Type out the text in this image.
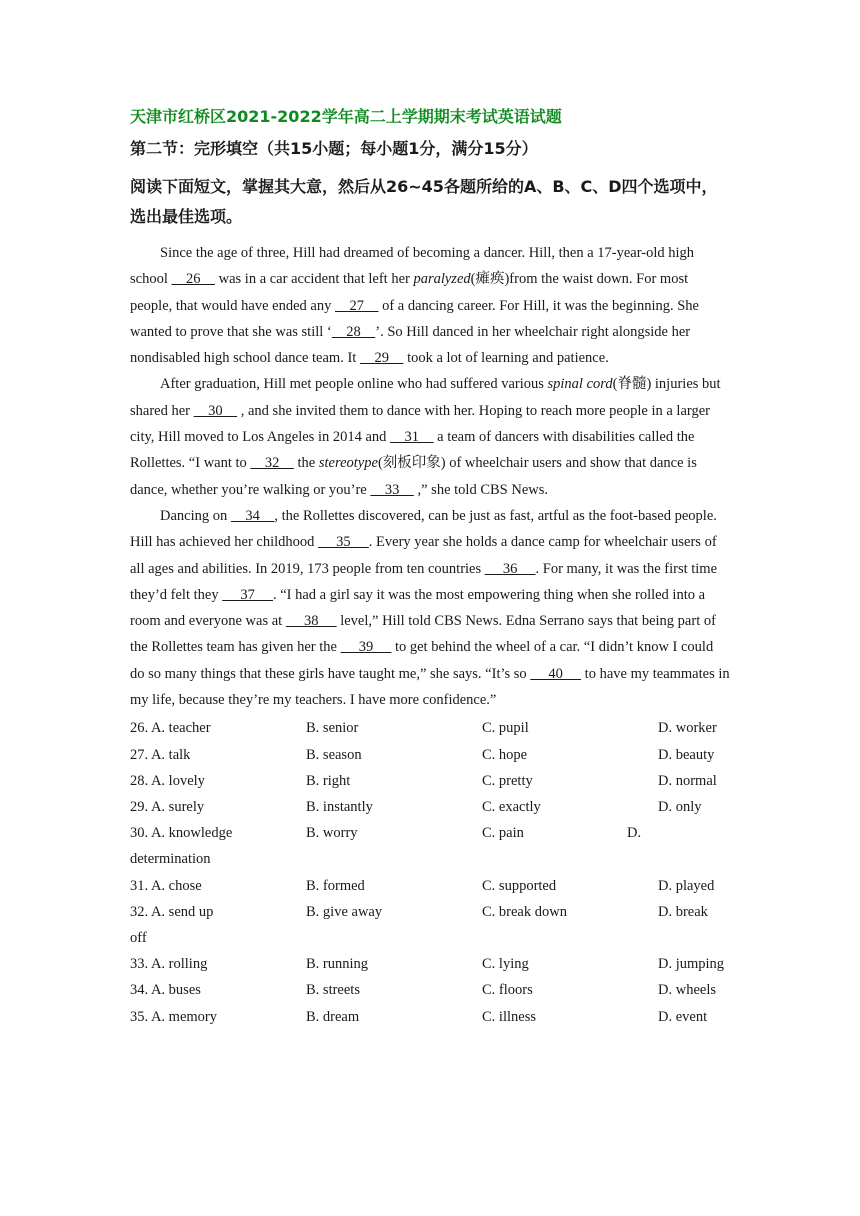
天津市红桥区2021-2022学年高二上学期期末考试英语试题
第二节：完形填空（共15小题；每小题1分，满分15分）
阅读下面短文，掌握其大意，然后从26~45各题所给的A、B、C、D四个选项中，选出最佳选项。

Since the age of three, Hill had dreamed of becoming a dancer. Hill, then a 17-year-old high school     26     was in a car accident that left her paralyzed(瘫痪)from the waist down. For most people, that would have ended any     27     of a dancing career. For Hill, it was the beginning. She wanted to prove that she was still ‘    28    ’. So Hill danced in her wheelchair right alongside her nondisabled high school dance team. It     29     took a lot of learning and patience.

After graduation, Hill met people online who had suffered various spinal cord(脊髓) injuries but shared her     30     , and she invited them to dance with her. Hoping to reach more people in a larger city, Hill moved to Los Angeles in 2014 and     31     a team of dancers with disabilities called the Rollettes. “I want to     32     the stereotype(刻板印象) of wheelchair users and show that dance is dance, whether you’re walking or you’re     33     ,” she told CBS News.

Dancing on     34    , the Rollettes discovered, can be just as fast, artful as the foot-based people. Hill has achieved her childhood      35     . Every year she holds a dance camp for wheelchair users of all ages and abilities. In 2019, 173 people from ten countries      36     . For many, it was the first time they’d felt they      37     . “I had a girl say it was the most empowering thing when she rolled into a room and everyone was at      38      level,” Hill told CBS News. Edna Serrano says that being part of the Rollettes team has given her the      39      to get behind the wheel of a car. “I didn’t know I could do so many things that these girls have taught me,” she says. “It’s so      40      to have my teammates in my life, because they’re my teachers. I have more confidence.”

26. A. teacher	B. senior	C. pupil	D. worker
27. A. talk	B. season	C. hope	D. beauty
28. A. lovely	B. right	C. pretty	D. normal
29. A. surely	B. instantly	C. exactly	D. only
30. A. knowledge	B. worry	C. pain	D.
determination
31. A. chose	B. formed	C. supported	D. played
32. A. send up	B. give away	C. break down	D. break
off
33. A. rolling	B. running	C. lying	D. jumping
34. A. buses	B. streets	C. floors	D. wheels
35. A. memory	B. dream	C. illness	D. event
